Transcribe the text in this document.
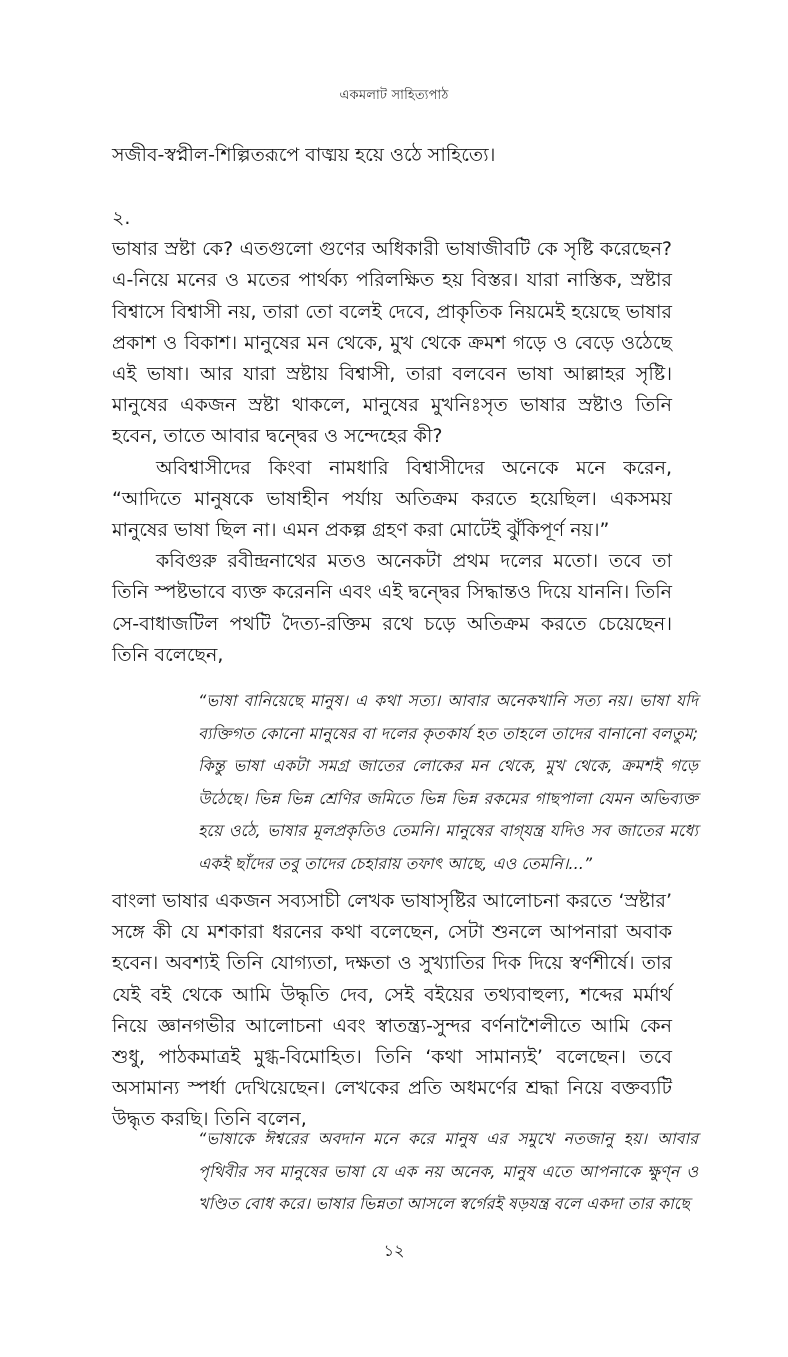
একমলাট সাহিত্যপাঠ

সজীব-স্বপ্নীল-শিল্পিতরূপে বাঙ্ময় হয়ে ওঠে সাহিত্যে।

২.

ভাষার স্রষ্টা কে? এতগুলো গুণের অধিকারী ভাষাজীবটি কে সৃষ্টি করেছেন? এ-নিয়ে মনের ও মতের পার্থক্য পরিলক্ষিত হয় বিস্তর। যারা নাস্তিক, স্রষ্টার বিশ্বাসে বিশ্বাসী নয়, তারা তো বলেই দেবে, প্রাকৃতিক নিয়মেই হয়েছে ভাষার প্রকাশ ও বিকাশ। মানুষের মন থেকে, মুখ থেকে ক্রমশ গড়ে ও বেড়ে ওঠেছে এই ভাষা। আর যারা স্রষ্টায় বিশ্বাসী, তারা বলবেন ভাষা আল্লাহর সৃষ্টি। মানুষের একজন স্রষ্টা থাকলে, মানুষের মুখনিঃসৃত ভাষার স্রষ্টাও তিনি হবেন, তাতে আবার দ্বন্দ্বের ও সন্দেহের কী?

অবিশ্বাসীদের কিংবা নামধারি বিশ্বাসীদের অনেকে মনে করেন, “আদিতে মানুষকে ভাষাহীন পর্যায় অতিক্রম করতে হয়েছিল। একসময় মানুষের ভাষা ছিল না। এমন প্রকল্প গ্রহণ করা মোটেই ঝুঁকিপূর্ণ নয়।”

কবিগুরু রবীন্দ্রনাথের মতও অনেকটা প্রথম দলের মতো। তবে তা তিনি স্পষ্টভাবে ব্যক্ত করেননি এবং এই দ্বন্দ্বের সিদ্ধান্তও দিয়ে যাননি। তিনি সে-বাধাজটিল পথটি দৈত্য-রক্তিম রথে চড়ে অতিক্রম করতে চেয়েছেন। তিনি বলেছেন,

“ভাষা বানিয়েছে মানুষ। এ কথা সত্য। আবার অনেকখানি সত্য নয়। ভাষা যদি ব্যক্তিগত কোনো মানুষের বা দলের কৃতকার্য হত তাহলে তাদের বানানো বলতুম; কিন্তু ভাষা একটা সমগ্র জাতের লোকের মন থেকে, মুখ থেকে, ক্রমশই গড়ে উঠেছে। ভিন্ন ভিন্ন শ্রেণির জমিতে ভিন্ন ভিন্ন রকমের গাছপালা যেমন অভিব্যক্ত হয়ে ওঠে, ভাষার মূলপ্রকৃতিও তেমনি। মানুষের বাগ্‌যন্ত্র যদিও সব জাতের মধ্যে একই ছাঁদের তবু তাদের চেহারায় তফাৎ আছে, এও তেমনি।...”

বাংলা ভাষার একজন সব্যসাচী লেখক ভাষাসৃষ্টির আলোচনা করতে ‘স্রষ্টার’ সঙ্গে কী যে মশকারা ধরনের কথা বলেছেন, সেটা শুনলে আপনারা অবাক হবেন। অবশ্যই তিনি যোগ্যতা, দক্ষতা ও সুখ্যাতির দিক দিয়ে স্বর্ণশীর্ষে। তার যেই বই থেকে আমি উদ্ধৃতি দেব, সেই বইয়ের তথ্যবাহুল্য, শব্দের মর্মার্থ নিয়ে জ্ঞানগভীর আলোচনা এবং স্বাতন্ত্র্য-সুন্দর বর্ণনাশৈলীতে আমি কেন শুধু, পাঠকমাত্রই মুগ্ধ-বিমোহিত। তিনি ‘কথা সামান্যই’ বলেছেন। তবে অসামান্য স্পর্ধা দেখিয়েছেন। লেখকের প্রতি অধমর্ণের শ্রদ্ধা নিয়ে বক্তব্যটি উদ্ধৃত করছি। তিনি বলেন,

“ভাষাকে ঈশ্বরের অবদান মনে করে মানুষ এর সমুখে নতজানু হয়। আবার পৃথিবীর সব মানুষের ভাষা যে এক নয় অনেক, মানুষ এতে আপনাকে ক্ষুণ্ন ও খণ্ডিত বোধ করে। ভাষার ভিন্নতা আসলে স্বর্গেরই ষড়যন্ত্র বলে একদা তার কাছে

১২
